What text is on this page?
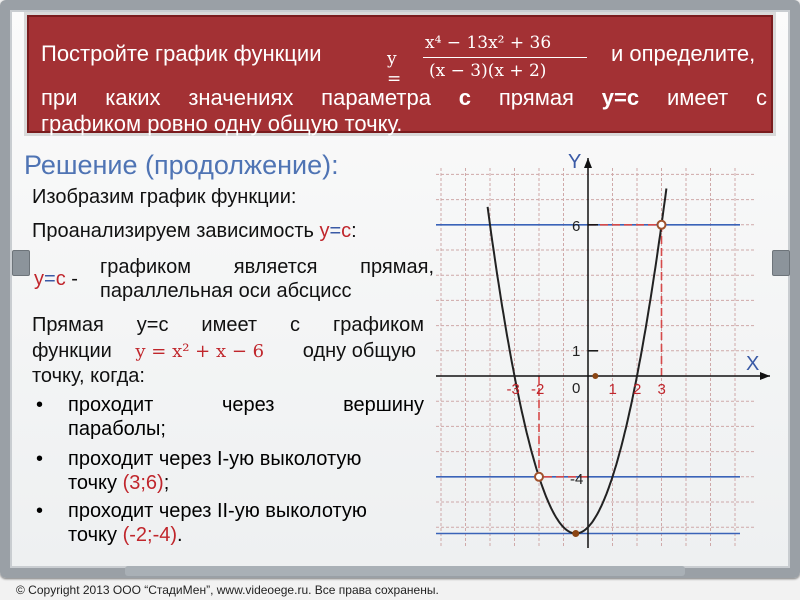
Постройте график функции	y =
x⁴ − 13x² + 36
(x − 3)(x + 2)
и определите,
при каких значениях параметра с прямая у=с имеет с
графиком ровно одну общую точку.
Решение (продолжение):
Изобразим график функции:
Проанализируем зависимость у=с:
у=с -
графиком является прямая,
параллельная оси абсцисс
Прямая у=с имеет с графиком
функции y = x² + x − 6 одну общую
точку, когда:
• проходит через вершину
параболы;
• проходит через I-ую выколотую
точку (3;6);
• проходит через II-ую выколотую
точку (-2;-4).
Y
X
0
6
1
-4
-3 -2	1 2 3
© Copyright 2013 ООО “СтадиМен”, www.videoege.ru. Все права сохранены.
